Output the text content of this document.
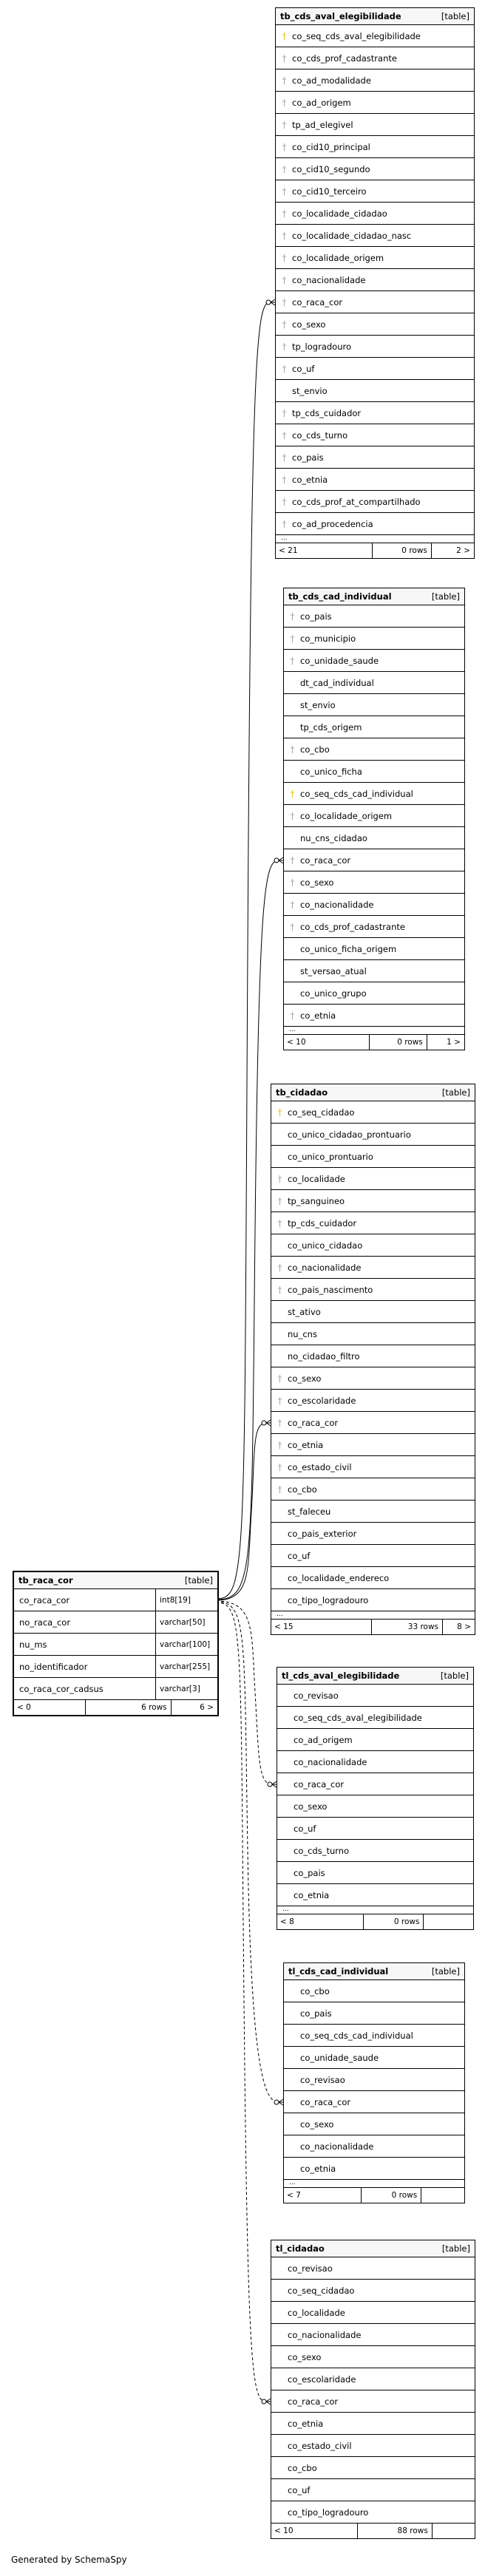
tb_cds_aval_elegibilidade	[table]
† co_seq_cds_aval_elegibilidade
† co_cds_prof_cadastrante
† co_ad_modalidade
† co_ad_origem
† tp_ad_elegivel
† co_cid10_principal
† co_cid10_segundo
† co_cid10_terceiro
† co_localidade_cidadao
† co_localidade_cidadao_nasc
† co_localidade_origem
† co_nacionalidade
† co_raca_cor
† co_sexo
† tp_logradouro
† co_uf
st_envio
† tp_cds_cuidador
† co_cds_turno
† co_pais
† co_etnia
† co_cds_prof_at_compartilhado
† co_ad_procedencia
...
< 21	0 rows	2 >
tb_cds_cad_individual	[table]
† co_pais
† co_municipio
† co_unidade_saude
dt_cad_individual
st_envio
tp_cds_origem
† co_cbo
co_unico_ficha
† co_seq_cds_cad_individual
† co_localidade_origem
nu_cns_cidadao
† co_raca_cor
† co_sexo
† co_nacionalidade
† co_cds_prof_cadastrante
co_unico_ficha_origem
st_versao_atual
co_unico_grupo
† co_etnia
...
< 10	0 rows	1 >
tb_cidadao	[table]
† co_seq_cidadao
co_unico_cidadao_prontuario
co_unico_prontuario
† co_localidade
† tp_sanguineo
† tp_cds_cuidador
co_unico_cidadao
† co_nacionalidade
† co_pais_nascimento
st_ativo
nu_cns
no_cidadao_filtro
† co_sexo
† co_escolaridade
† co_raca_cor
† co_etnia
† co_estado_civil
† co_cbo
st_faleceu
co_pais_exterior
co_uf
co_localidade_endereco
co_tipo_logradouro
...
< 15	33 rows	8 >
tb_raca_cor	[table]
co_raca_cor	int8[19]
no_raca_cor	varchar[50]
nu_ms	varchar[100]
no_identificador	varchar[255]
co_raca_cor_cadsus	varchar[3]
< 0	6 rows	6 >
tl_cds_aval_elegibilidade	[table]
co_revisao
co_seq_cds_aval_elegibilidade
co_ad_origem
co_nacionalidade
co_raca_cor
co_sexo
co_uf
co_cds_turno
co_pais
co_etnia
...
< 8	0 rows
tl_cds_cad_individual	[table]
co_cbo
co_pais
co_seq_cds_cad_individual
co_unidade_saude
co_revisao
co_raca_cor
co_sexo
co_nacionalidade
co_etnia
...
< 7	0 rows
tl_cidadao	[table]
co_revisao
co_seq_cidadao
co_localidade
co_nacionalidade
co_sexo
co_escolaridade
co_raca_cor
co_etnia
co_estado_civil
co_cbo
co_uf
co_tipo_logradouro
< 10	88 rows
Generated by SchemaSpy
